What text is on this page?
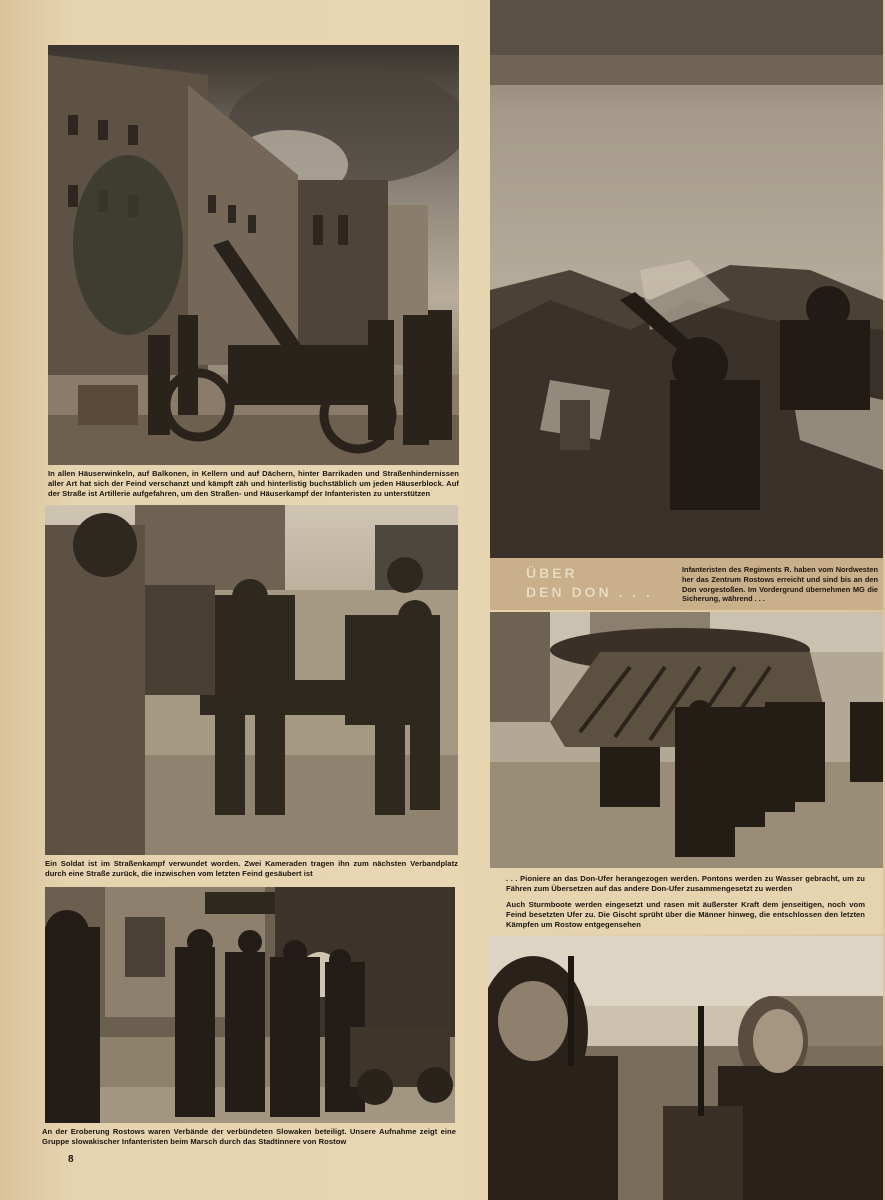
In allen Häuserwinkeln, auf Balkonen, in Kellern und auf Dächern, hinter Barrikaden und Straßenhindernissen aller Art hat sich der Feind verschanzt und kämpft zäh und hinterlistig buchstäblich um jeden Häuserblock. Auf der Straße ist Artillerie aufgefahren, um den Straßen- und Häuserkampf der Infanteristen zu unterstützen
Ein Soldat ist im Straßenkampf verwundet worden. Zwei Kameraden tragen ihn zum nächsten Verbandplatz durch eine Straße zurück, die inzwischen vom letzten Feind gesäubert ist
An der Eroberung Rostows waren Verbände der verbündeten Slowaken beteiligt. Unsere Aufnahme zeigt eine Gruppe slowakischer Infanteristen beim Marsch durch das Stadtinnere von Rostow
8
ÜBER
DEN DON . . .
Infanteristen des Regiments R. haben vom Nordwesten her das Zentrum Rostows erreicht und sind bis an den Don vorgestoßen. Im Vordergrund übernehmen MG die Sicherung, während . . .
. . . Pioniere an das Don-Ufer herangezogen werden. Pontons werden zu Wasser gebracht, um zu Fähren zum Übersetzen auf das andere Don-Ufer zusammengesetzt zu werden
Auch Sturmboote werden eingesetzt und rasen mit äußerster Kraft dem jenseitigen, noch vom Feind besetzten Ufer zu. Die Gischt sprüht über die Männer hinweg, die entschlossen den letzten Kämpfen um Rostow entgegensehen
